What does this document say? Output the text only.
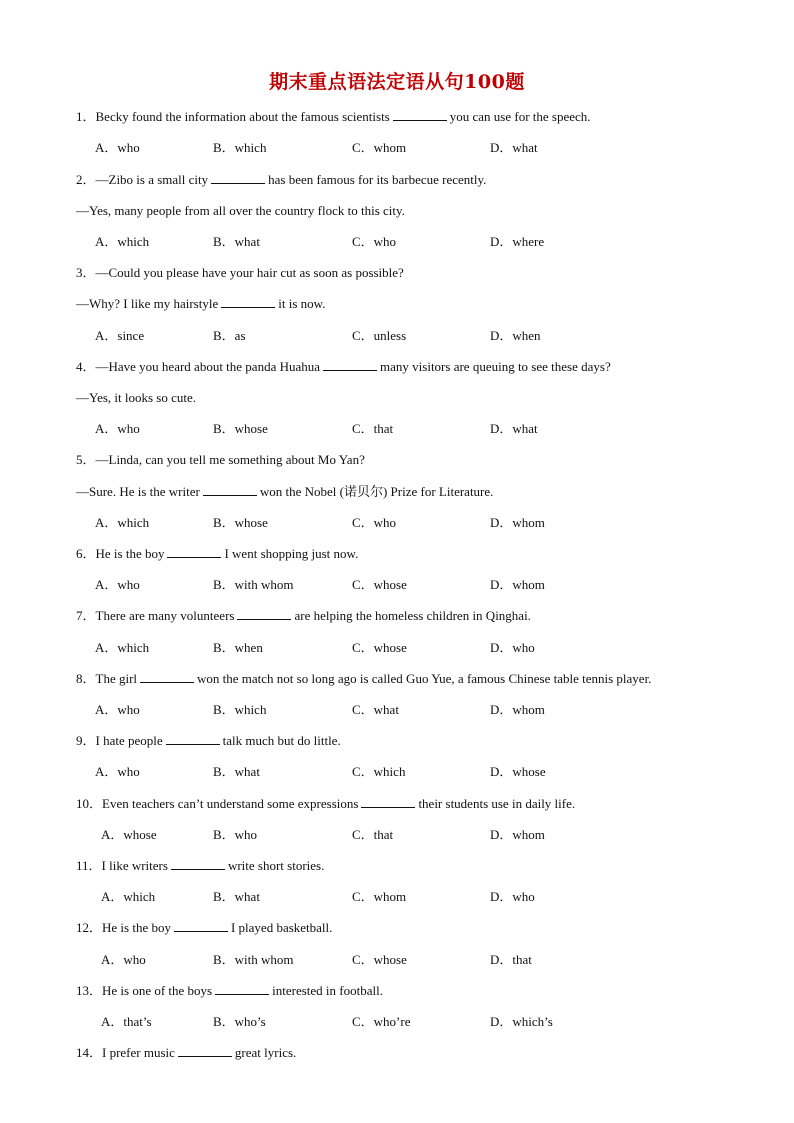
期末重点语法定语从句100题
1．Becky found the information about the famous scientists	you can use for the speech.
A．who	B．which	C．whom	D．what
2．—Zibo is a small city	has been famous for its barbecue recently.
—Yes, many people from all over the country flock to this city.
A．which	B．what	C．who	D．where
3．—Could you please have your hair cut as soon as possible?
—Why? I like my hairstyle	it is now.
A．since	B．as	C．unless	D．when
4．—Have you heard about the panda Huahua	many visitors are queuing to see these days?
—Yes, it looks so cute.
A．who	B．whose	C．that	D．what
5．—Linda, can you tell me something about Mo Yan?
—Sure. He is the writer	won the Nobel (诺贝尔) Prize for Literature.
A．which	B．whose	C．who	D．whom
6．He is the boy	I went shopping just now.
A．who	B．with whom	C．whose	D．whom
7．There are many volunteers	are helping the homeless children in Qinghai.
A．which	B．when	C．whose	D．who
8．The girl	won the match not so long ago is called Guo Yue, a famous Chinese table tennis player.
A．who	B．which	C．what	D．whom
9．I hate people	talk much but do little.
A．who	B．what	C．which	D．whose
10．Even teachers can’t understand some expressions	their students use in daily life.
A．whose	B．who	C．that	D．whom
11．I like writers	write short stories.
A．which	B．what	C．whom	D．who
12．He is the boy	I played basketball.
A．who	B．with whom	C．whose	D．that
13．He is one of the boys	interested in football.
A．that’s	B．who’s	C．who’re	D．which’s
14．I prefer music	great lyrics.
